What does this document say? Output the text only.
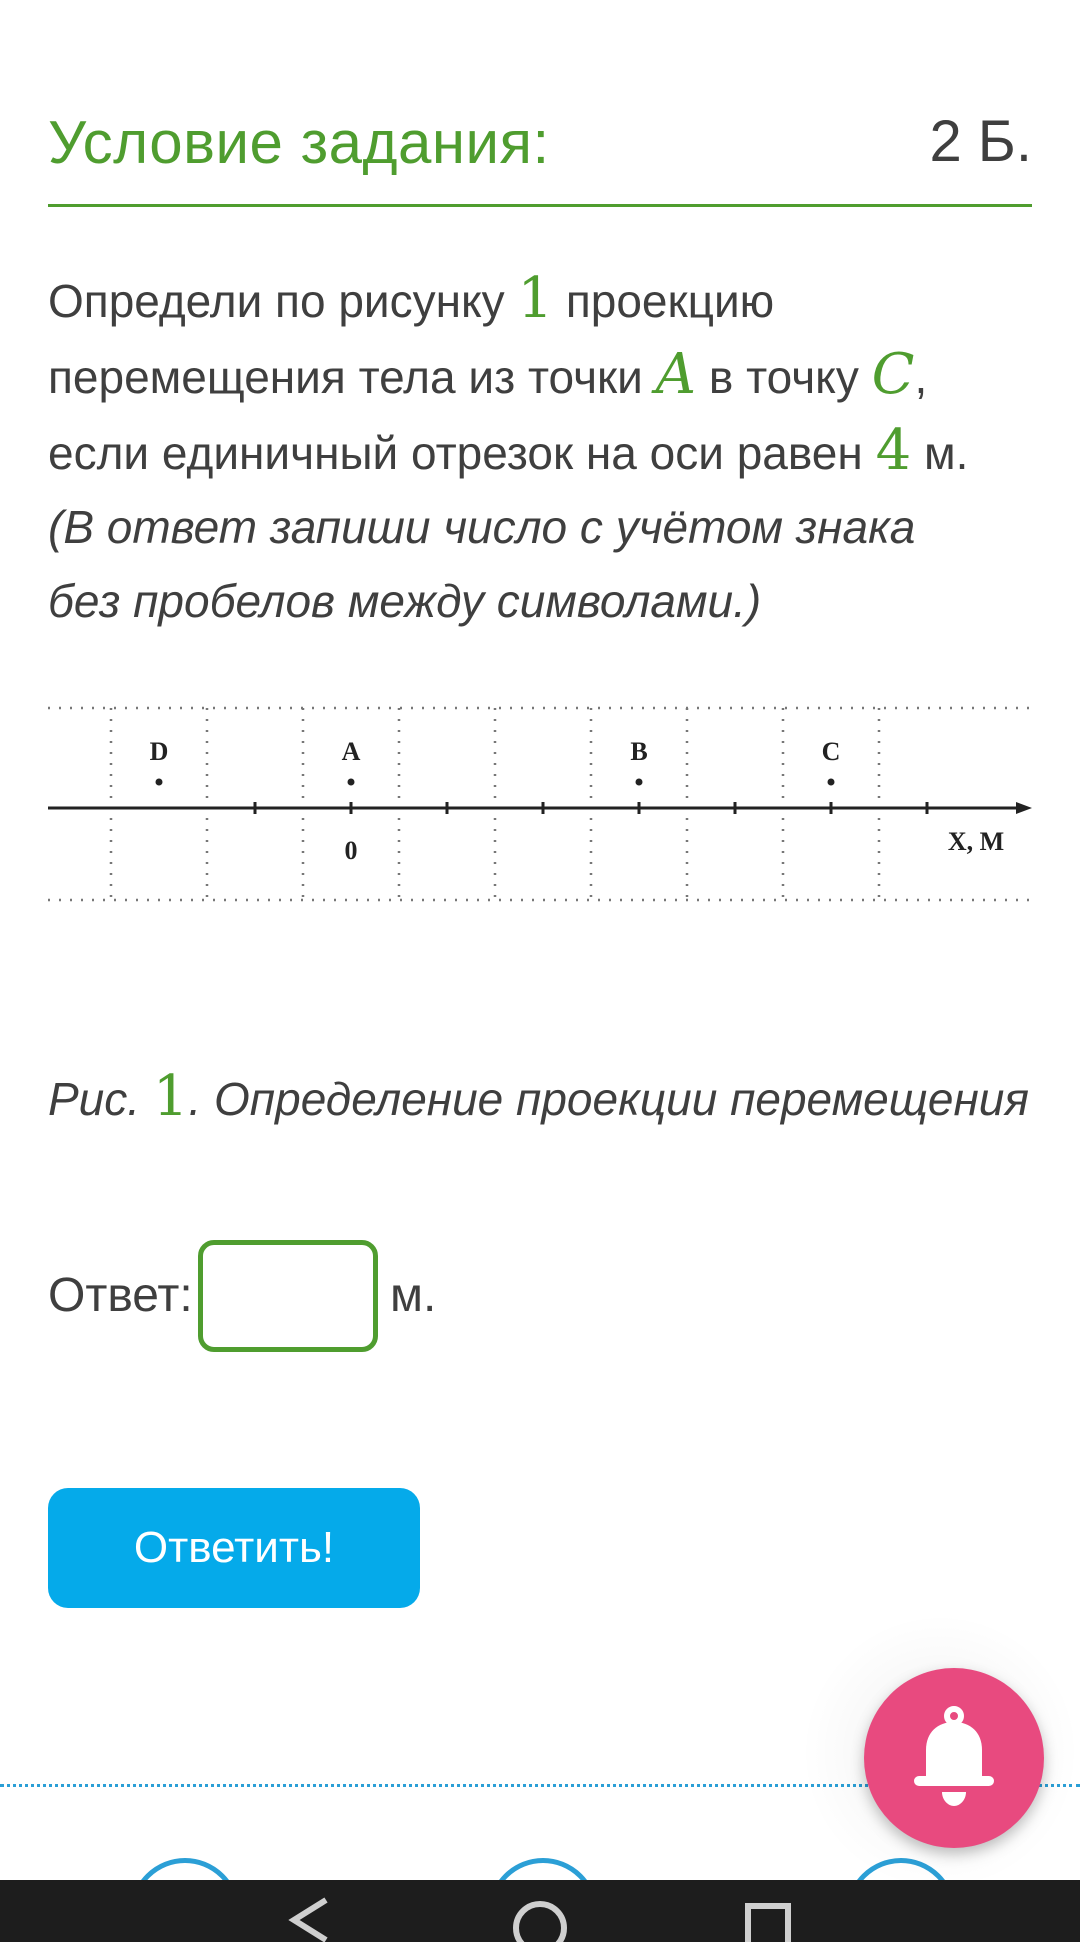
Условие задания:	2 Б.
Определи по рисунку 1 проекцию
перемещения тела из точки A в точку C,
если единичный отрезок на оси равен 4 м.
(В ответ запиши число с учётом знака
без пробелов между символами.)
D	A	B	C
0	X, M
Рис. 1. Определение проекции перемещения
Ответ:	м.
Ответить!
